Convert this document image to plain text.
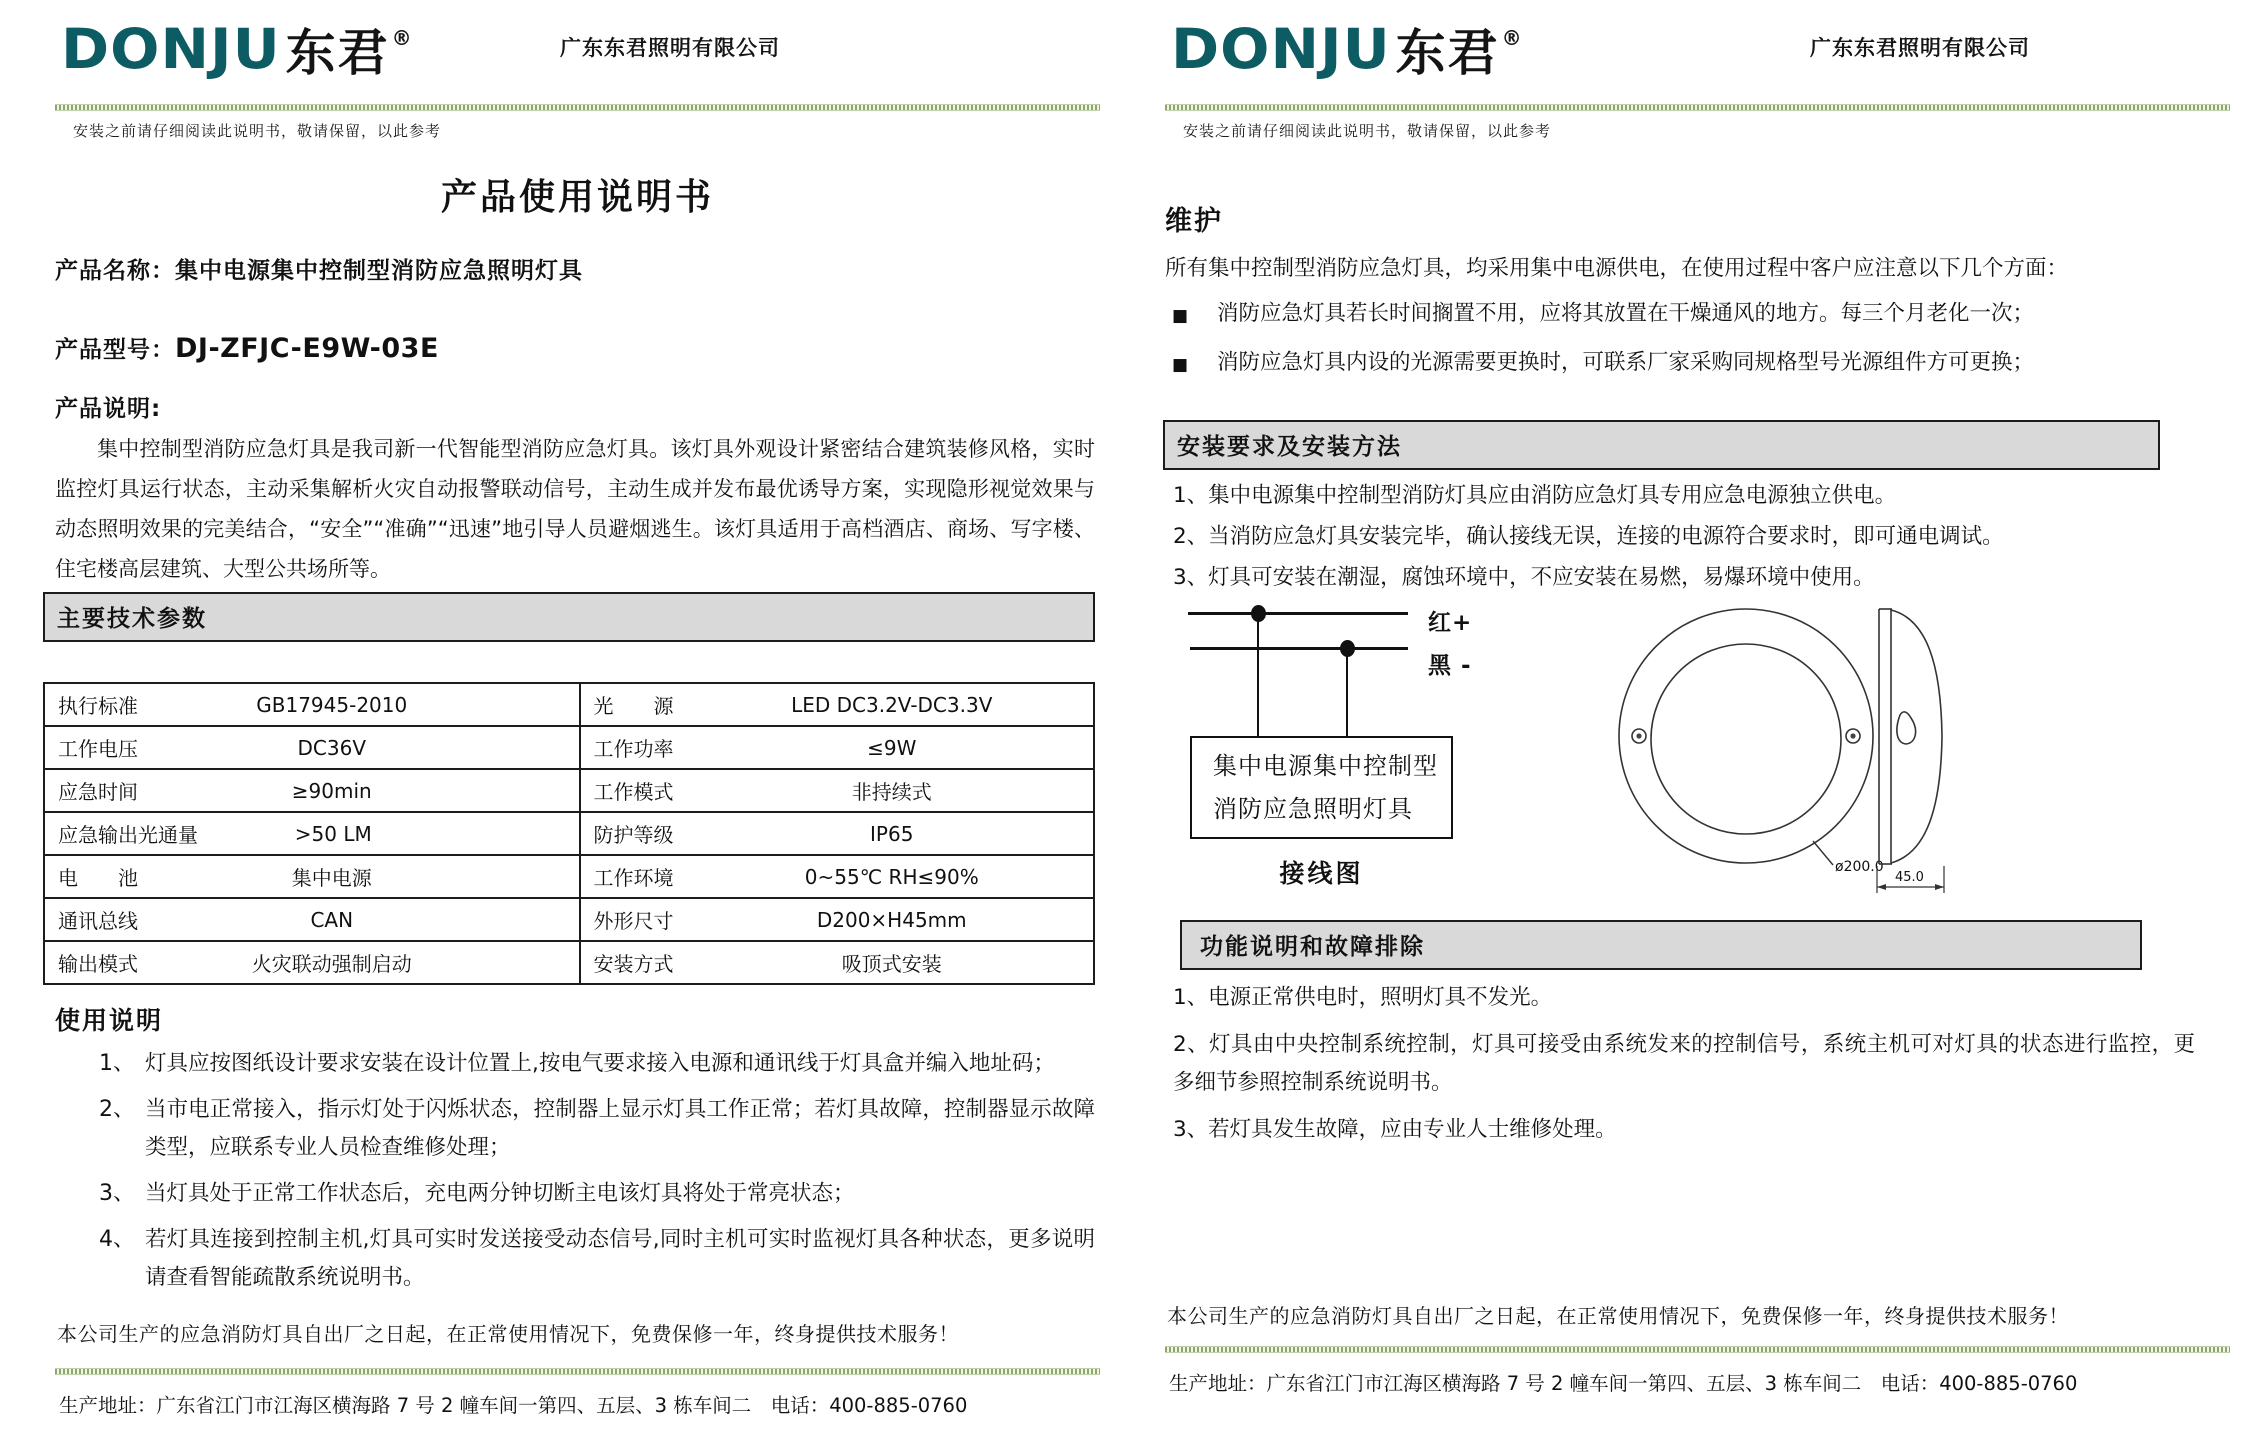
DONJU 东君 ®	广东东君照明有限公司
安装之前请仔细阅读此说明书，敬请保留，以此参考
产品使用说明书
产品名称：集中电源集中控制型消防应急照明灯具
产品型号：DJ-ZFJC-E9W-03E
产品说明:
集中控制型消防应急灯具是我司新一代智能型消防应急灯具。该灯具外观设计紧密结合建筑装修风格，实时监控灯具运行状态，主动采集解析火灾自动报警联动信号，主动生成并发布最优诱导方案，实现隐形视觉效果与动态照明效果的完美结合，“安全”“准确”“迅速”地引导人员避烟逃生。该灯具适用于高档酒店、商场、写字楼、住宅楼高层建筑、大型公共场所等。
主要技术参数
执行标准 GB17945-2010	光　　源 LED DC3.2V-DC3.3V

工作电压 DC36V	工作功率 ≤9W

应急时间 ≥90min	工作模式 非持续式

应急输出光通量 >50 LM	防护等级 IP65

电　　池 集中电源	工作环境 0~55℃ RH≤90%

通讯总线 CAN	外形尺寸 D200×H45mm

输出模式 火灾联动强制启动	安装方式 吸顶式安装
使用说明
1、 灯具应按图纸设计要求安装在设计位置上,按电气要求接入电源和通讯线于灯具盒并编入地址码；
2、 当市电正常接入，指示灯处于闪烁状态，控制器上显示灯具工作正常；若灯具故障，控制器显示故障类型，应联系专业人员检查维修处理；
3、 当灯具处于正常工作状态后，充电两分钟切断主电该灯具将处于常亮状态；
4、 若灯具连接到控制主机,灯具可实时发送接受动态信号,同时主机可实时监视灯具各种状态，更多说明请查看智能疏散系统说明书。
本公司生产的应急消防灯具自出厂之日起，在正常使用情况下，免费保修一年，终身提供技术服务！
生产地址：广东省江门市江海区横海路 7 号 2 幢车间一第四、五层、3 栋车间二　电话：400-885-0760
DONJU 东君 ®	广东东君照明有限公司
安装之前请仔细阅读此说明书，敬请保留，以此参考
维护
所有集中控制型消防应急灯具，均采用集中电源供电，在使用过程中客户应注意以下几个方面：
■	消防应急灯具若长时间搁置不用，应将其放置在干燥通风的地方。每三个月老化一次；
■	消防应急灯具内设的光源需要更换时，可联系厂家采购同规格型号光源组件方可更换；
安装要求及安装方法
1、集中电源集中控制型消防灯具应由消防应急灯具专用应急电源独立供电。
2、当消防应急灯具安装完毕，确认接线无误，连接的电源符合要求时，即可通电调试。
3、灯具可安装在潮湿，腐蚀环境中，不应安装在易燃，易爆环境中使用。
红+
黑 -
集中电源集中控制型
消防应急照明灯具
接线图	ø200.0
45.0
功能说明和故障排除
1、电源正常供电时，照明灯具不发光。
2、灯具由中央控制系统控制，灯具可接受由系统发来的控制信号，系统主机可对灯具的状态进行监控，更多细节参照控制系统说明书。
3、若灯具发生故障，应由专业人士维修处理。
本公司生产的应急消防灯具自出厂之日起，在正常使用情况下，免费保修一年，终身提供技术服务！
生产地址：广东省江门市江海区横海路 7 号 2 幢车间一第四、五层、3 栋车间二　电话：400-885-0760
